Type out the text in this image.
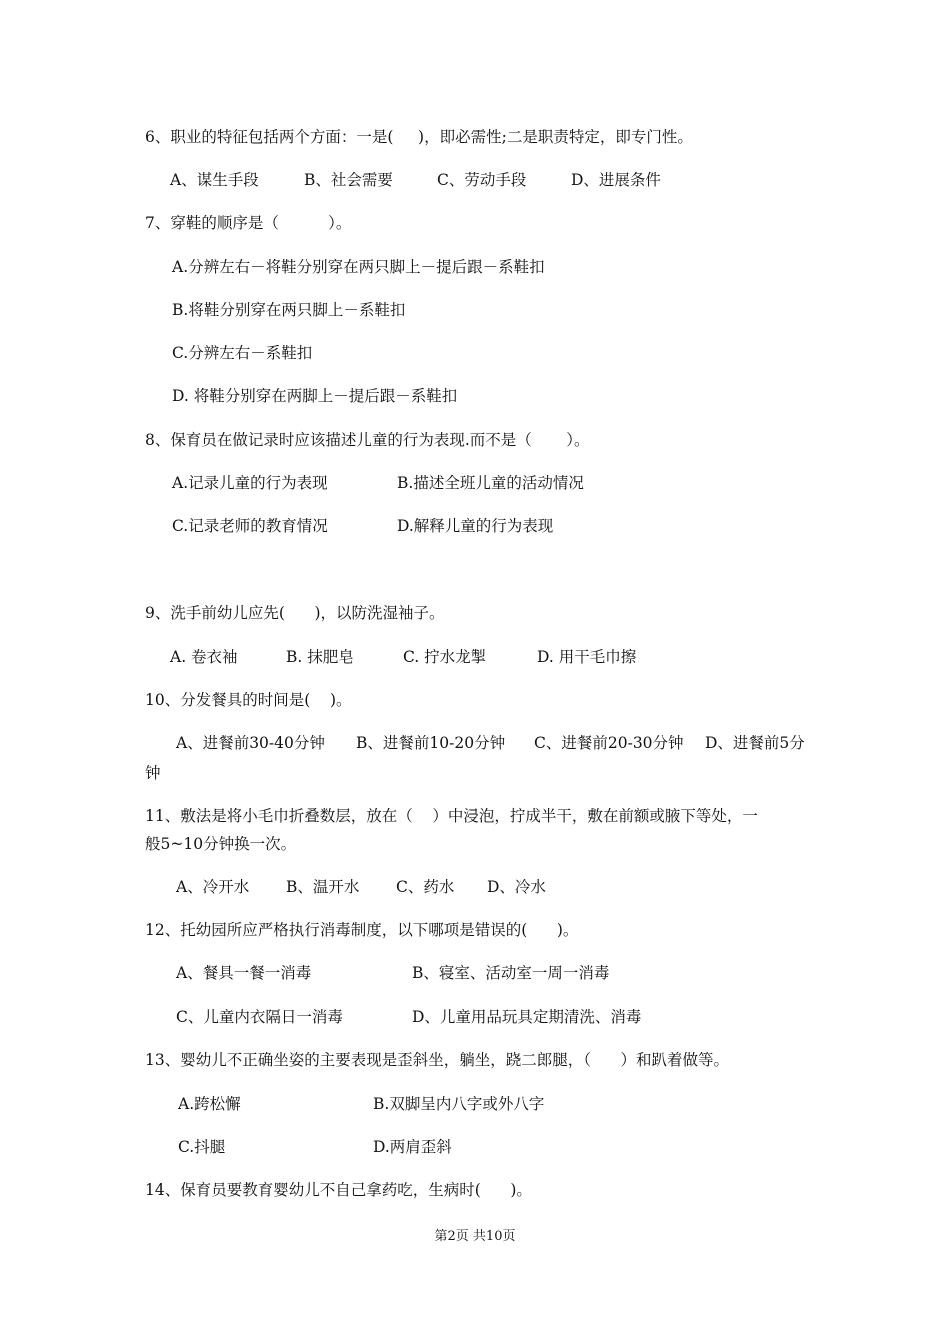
6、职业的特征包括两个方面：一是(     )，即必需性;二是职责特定，即专门性。
A、谋生手段	B、社会需要	C、劳动手段	D、进展条件
7、穿鞋的顺序是（          ）。
A.分辨左右－将鞋分别穿在两只脚上－提后跟－系鞋扣
B.将鞋分别穿在两只脚上－系鞋扣
C.分辨左右－系鞋扣
D. 将鞋分别穿在两脚上－提后跟－系鞋扣
8、保育员在做记录时应该描述儿童的行为表现.而不是（       ）。
A.记录儿童的行为表现	B.描述全班儿童的活动情况
C.记录老师的教育情况	D.解释儿童的行为表现
9、洗手前幼儿应先(      )，以防洗湿袖子。
A. 卷衣袖	B. 抹肥皂	C. 拧水龙掣	D. 用干毛巾擦
10、分发餐具的时间是(    )。
A、进餐前30-40分钟 B、进餐前10-20分钟 C、进餐前20-30分钟 D、进餐前5分
钟
11、敷法是将小毛巾折叠数层，放在（    ）中浸泡，拧成半干，敷在前额或腋下等处，一
般5~10分钟换一次。
A、冷开水 B、温开水 C、药水 D、冷水
12、托幼园所应严格执行消毒制度，以下哪项是错误的(      )。
A、餐具一餐一消毒	B、寝室、活动室一周一消毒
C、儿童内衣隔日一消毒	D、儿童用品玩具定期清洗、消毒
13、婴幼儿不正确坐姿的主要表现是歪斜坐，躺坐，跷二郎腿，（      ）和趴着做等。
A.跨松懈	B.双脚呈内八字或外八字
C.抖腿	D.两肩歪斜
14、保育员要教育婴幼儿不自己拿药吃，生病时(      )。
第2页 共10页
